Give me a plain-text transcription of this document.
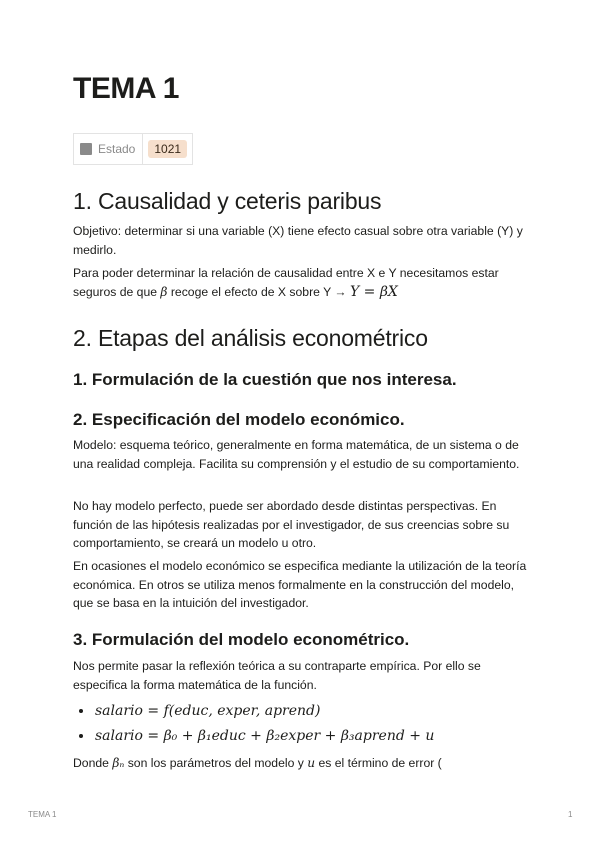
TEMA 1
Estado	1021
1. Causalidad y ceteris paribus

Objetivo: determinar si una variable (X) tiene efecto casual sobre otra variable (Y) y medirlo.

Para poder determinar la relación de causalidad entre X e Y necesitamos estar seguros de que β recoge el efecto de X sobre Y → Y = βX

2. Etapas del análisis econométrico
1. Formulación de la cuestión que nos interesa.
2. Especificación del modelo económico.

Modelo: esquema teórico, generalmente en forma matemática, de un sistema o de una realidad compleja. Facilita su comprensión y el estudio de su comportamiento.

No hay modelo perfecto, puede ser abordado desde distintas perspectivas. En función de las hipótesis realizadas por el investigador, de sus creencias sobre su comportamiento, se creará un modelo u otro.

En ocasiones el modelo económico se especifica mediante la utilización de la teoría económica. En otros se utiliza menos formalmente en la construcción del modelo, que se basa en la intuición del investigador.

3. Formulación del modelo econométrico.

Nos permite pasar la reflexión teórica a su contraparte empírica. Por ello se especifica la forma matemática de la función.

salario = f(educ, exper, aprend)
salario = β₀ + β₁educ + β₂exper + β₃aprend + u

Donde βₙ son los parámetros del modelo y u es el término de error (

TEMA 1	1
